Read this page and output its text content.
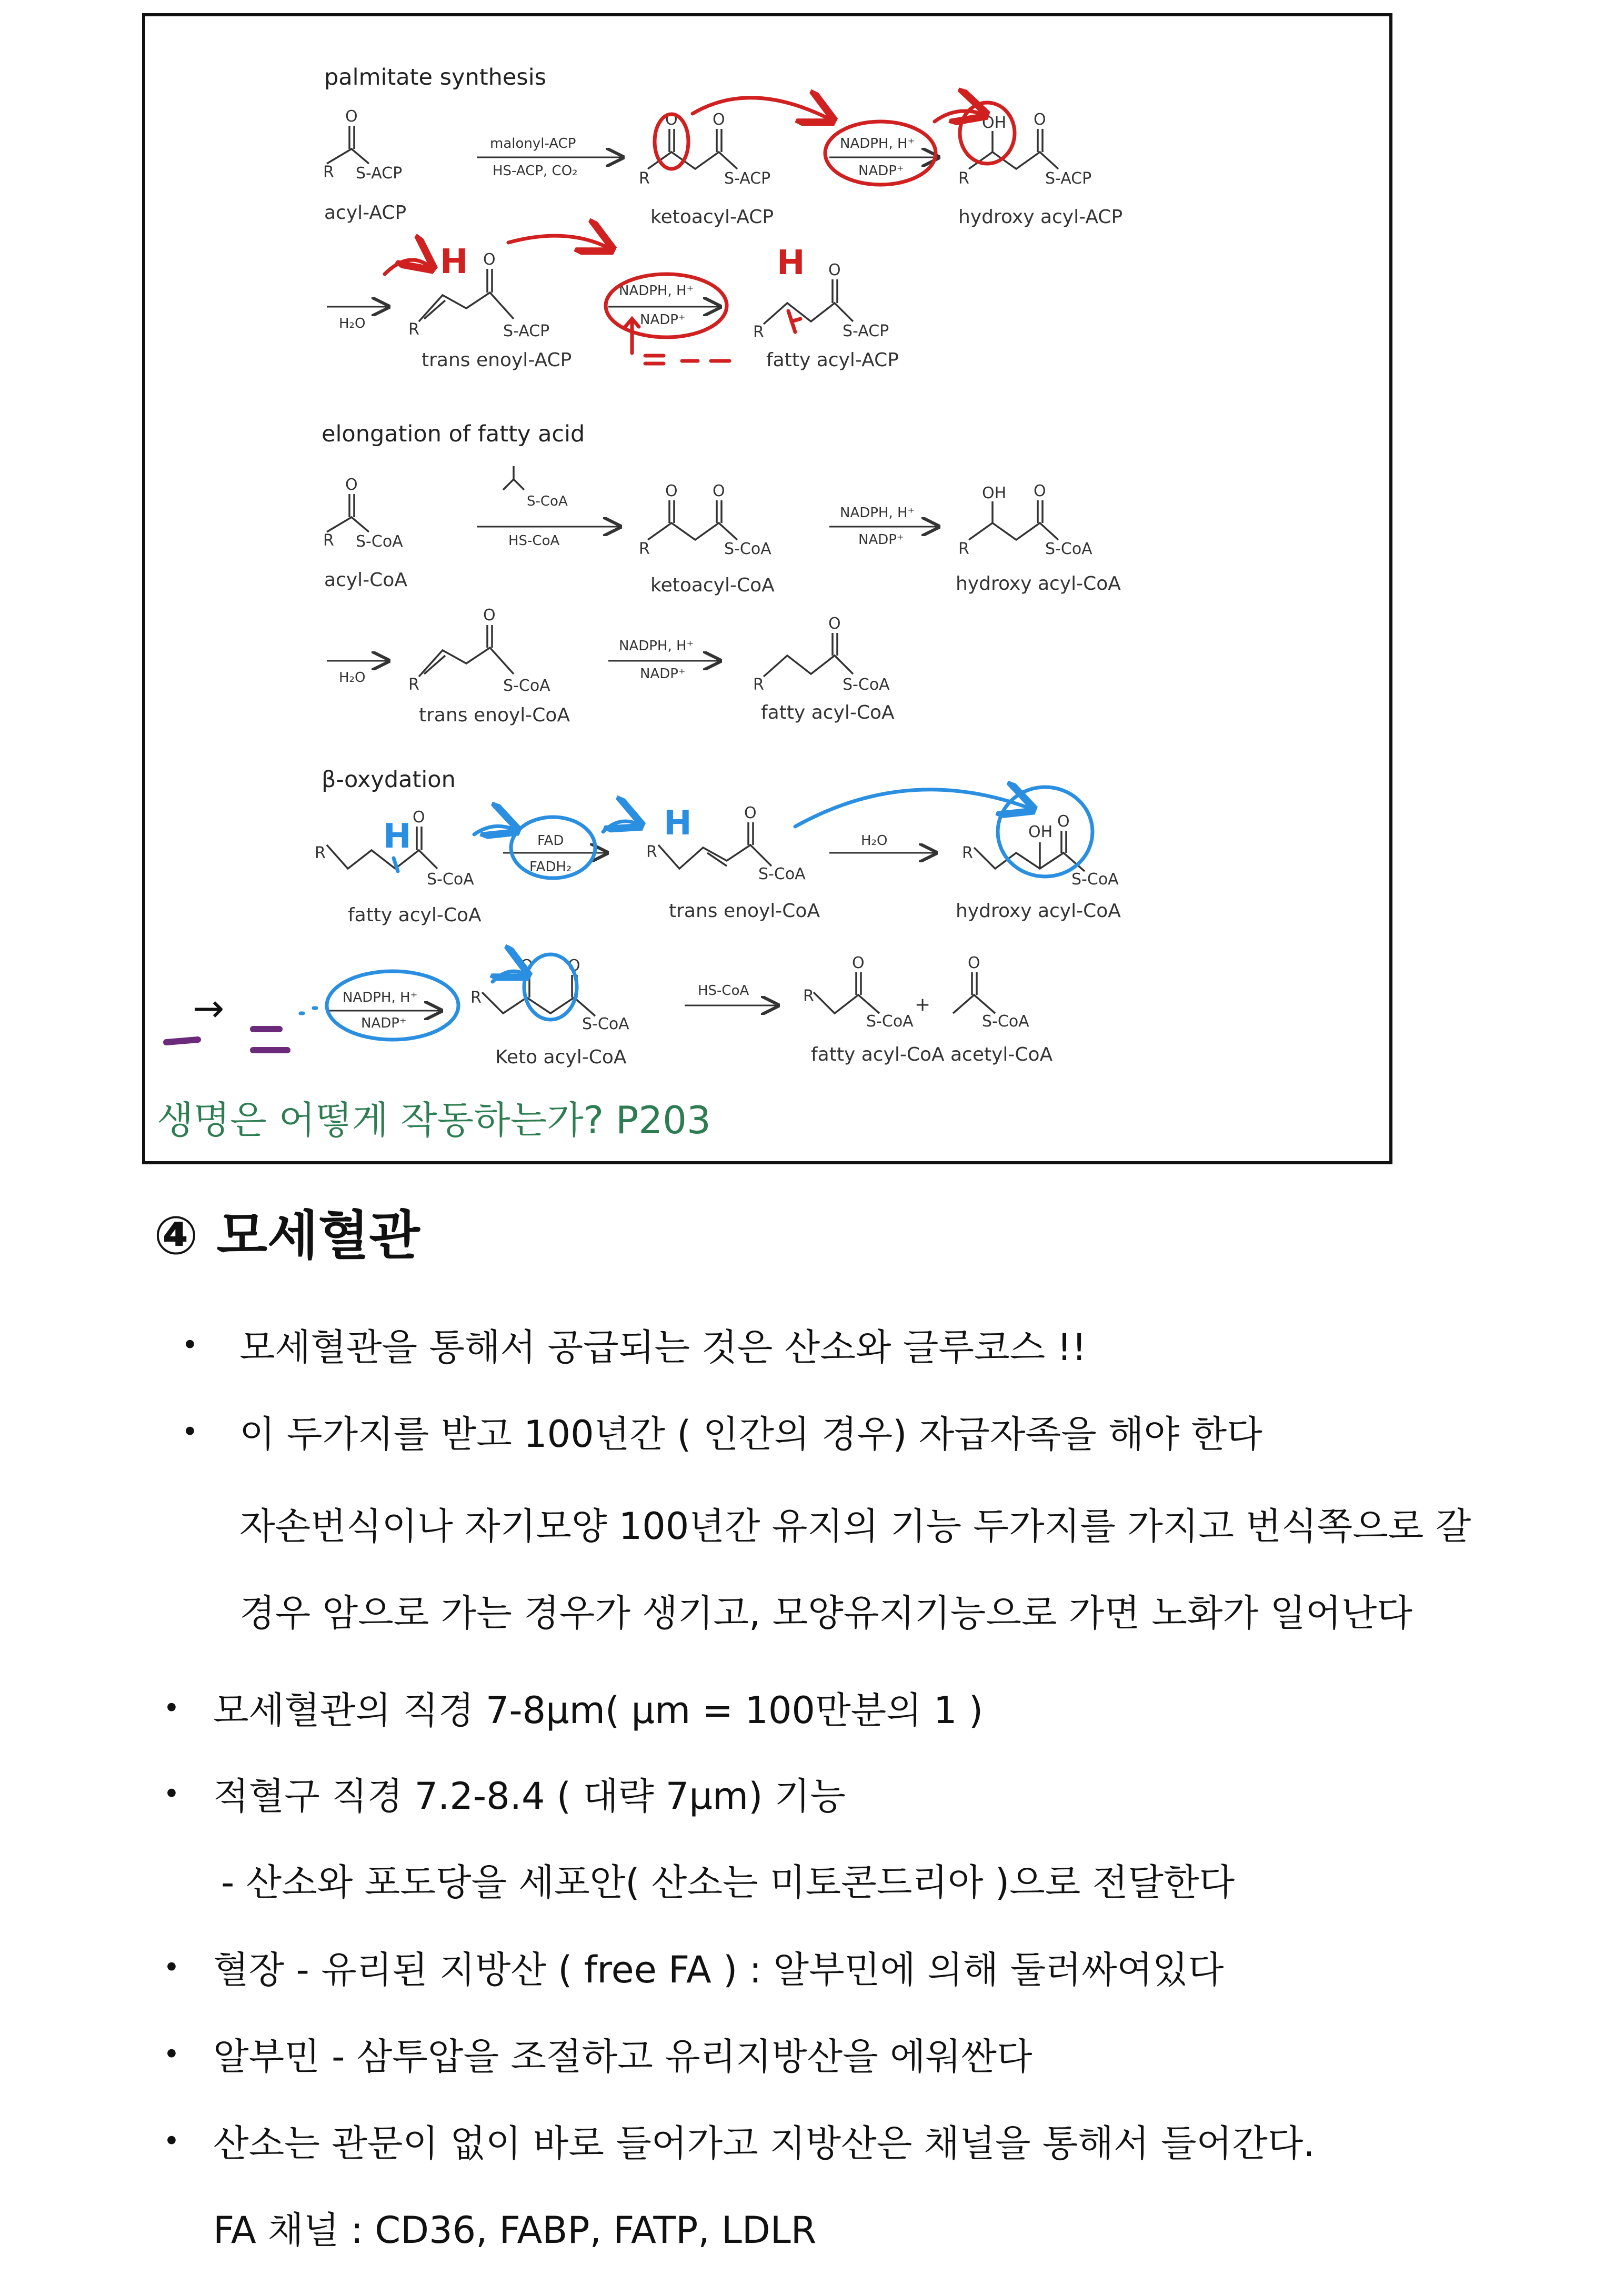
palmitate synthesis
O
R S-ACP
acyl-ACP
malonyl-ACP
HS-ACP, CO₂
O O
R	S-ACP
ketoacyl-ACP
NADPH, H⁺
NADP⁺
OH O
R	S-ACP
hydroxy acyl-ACP
H₂O
O
R	S-ACP
trans enoyl-ACP
NADPH, H⁺
NADP⁺
O
R	S-ACP
fatty acyl-ACP
H	H
elongation of fatty acid
O
R S-CoA
acyl-CoA
S-CoA
HS-CoA
O O
R	S-CoA
ketoacyl-CoA
NADPH, H⁺
NADP⁺
OH O
R	S-CoA
hydroxy acyl-CoA
H₂O
O
R	S-CoA
trans enoyl-CoA
NADPH, H⁺
NADP⁺
O
R	S-CoA
fatty acyl-CoA
β-oxydation
O
R
S-CoA
fatty acyl-CoA
FAD
FADH₂
O
R
S-CoA
trans enoyl-CoA
H₂O	OH
O
R
S-CoA
hydroxy acyl-CoA
NADPH, H⁺
NADP⁺
O O
R
S-CoA
Keto acyl-CoA
HS-CoA
O
R
S-CoA
fatty acyl-CoA
+
O
S-CoA
acetyl-CoA
H	H
→
생명은 어떻게 작동하는가? P203
④ 모세혈관
• 모세혈관을 통해서 공급되는 것은 산소와 글루코스 !!
• 이 두가지를 받고 100년간 ( 인간의 경우) 자급자족을 해야 한다
자손번식이나 자기모양 100년간 유지의 기능 두가지를 가지고 번식쪽으로 갈
경우 암으로 가는 경우가 생기고, 모양유지기능으로 가면 노화가 일어난다
• 모세혈관의 직경 7-8μm( μm = 100만분의 1 )
• 적혈구 직경 7.2-8.4 ( 대략 7μm) 기능
- 산소와 포도당을 세포안( 산소는 미토콘드리아 )으로 전달한다
• 혈장 - 유리된 지방산 ( free FA ) : 알부민에 의해 둘러싸여있다
• 알부민 - 삼투압을 조절하고 유리지방산을 에워싼다
• 산소는 관문이 없이 바로 들어가고 지방산은 채널을 통해서 들어간다.
FA 채널 : CD36, FABP, FATP, LDLR
